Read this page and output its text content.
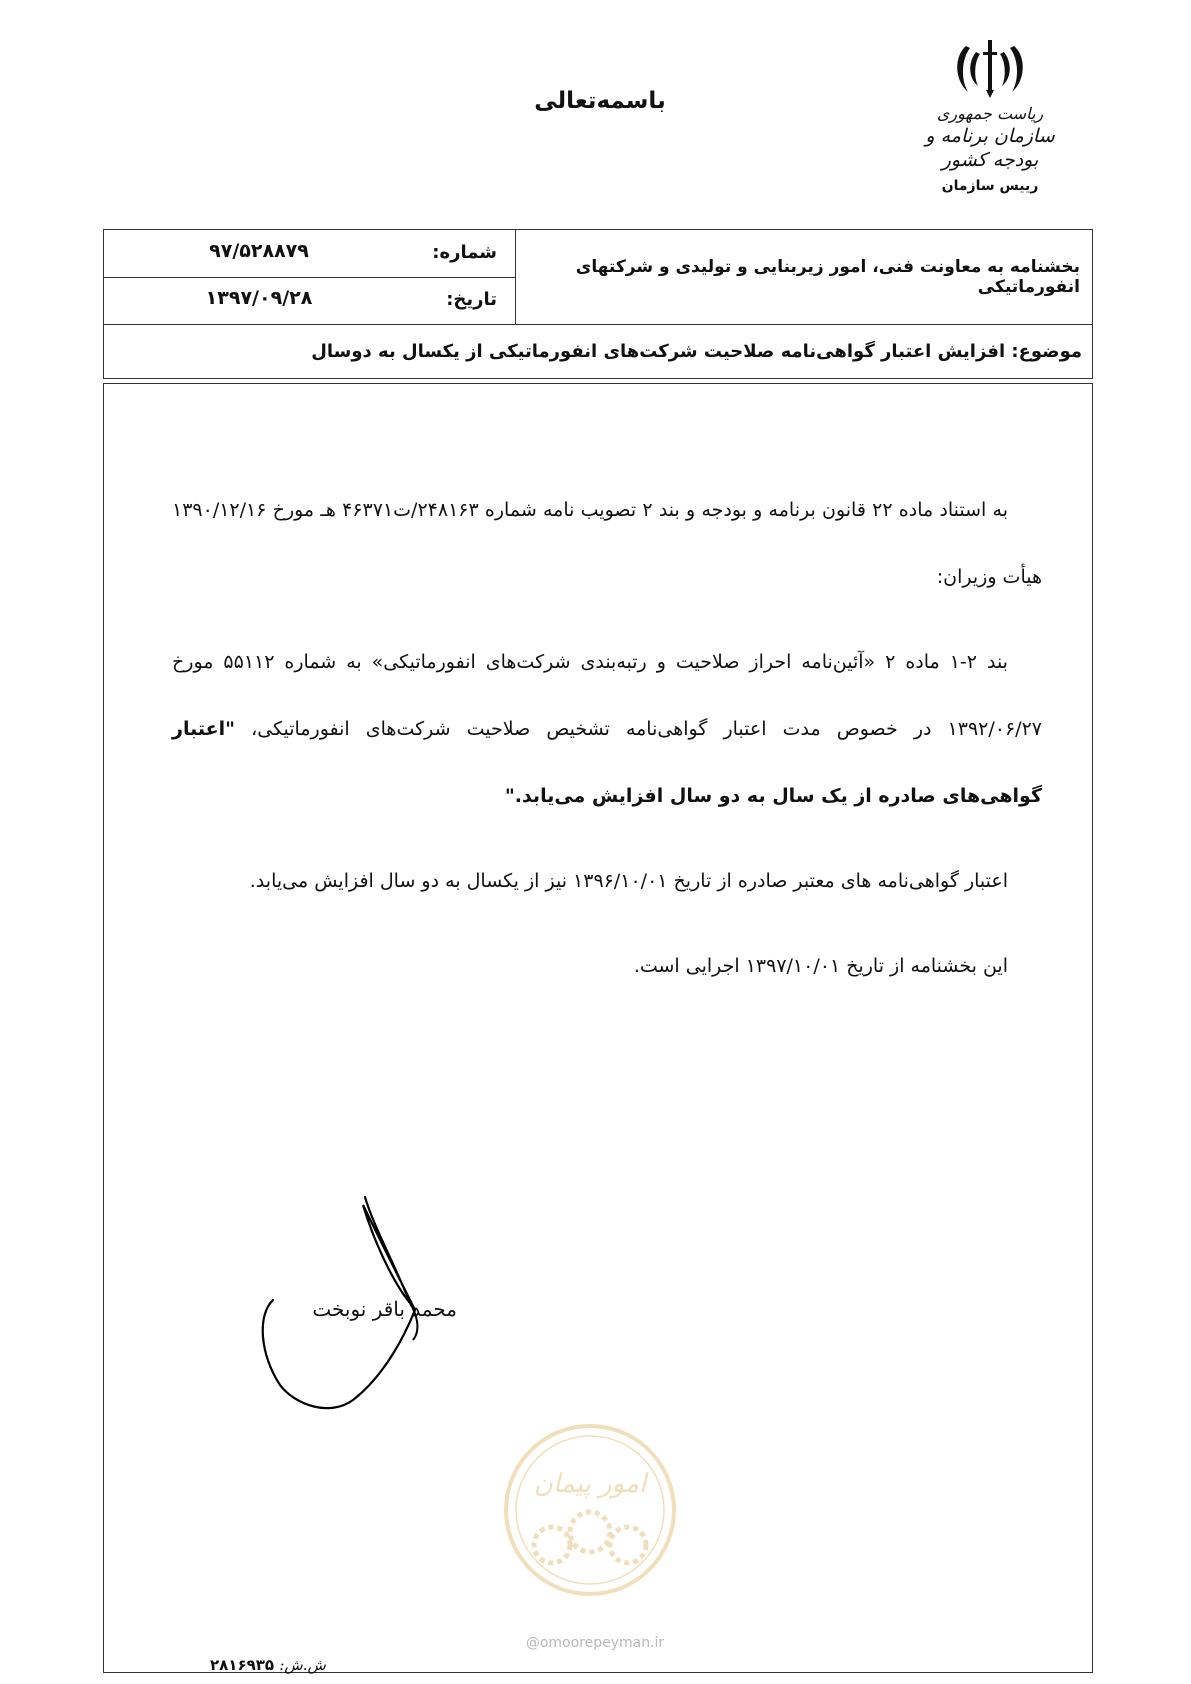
باسمه‌تعالی	ریاست جمهوری
سازمان برنامه و بودجه کشور
رییس سازمان
بخشنامه به معاونت فنی، امور زیربنایی و تولیدی و شرکتهای انفورماتیکی
شماره:
۹۷/۵۲۸۸۷۹
تاریخ:
۱۳۹۷/۰۹/۲۸
موضوع: افزایش اعتبار گواهی‌نامه صلاحیت شرکت‌های انفورماتیکی از یکسال به دوسال

به استناد ماده ۲۲ قانون برنامه و بودجه و بند ۲ تصویب نامه شماره ۲۴۸۱۶۳/ت۴۶۳۷۱ هـ مورخ ۱۳۹۰/۱۲/۱۶ هیأت وزیران:

بند ۲-۱ ماده ۲ «آئین‌نامه احراز صلاحیت و رتبه‌بندی شرکت‌های انفورماتیکی» به شماره ۵۵۱۱۲ مورخ ۱۳۹۲/۰۶/۲۷ در خصوص مدت اعتبار گواهی‌نامه تشخیص صلاحیت شرکت‌های انفورماتیکی، "اعتبار گواهی‌های صادره از یک سال به دو سال افزایش می‌یابد."

اعتبار گواهی‌نامه های معتبر صادره از تاریخ ۱۳۹۶/۱۰/۰۱ نیز از یکسال به دو سال افزایش می‌یابد.

این بخشنامه از تاریخ ۱۳۹۷/۱۰/۰۱ اجرایی است.

محمد باقر نوبخت
امور پیمان
@omoorepeyman.ir
ش.ش: ۲۸۱۶۹۳۵
